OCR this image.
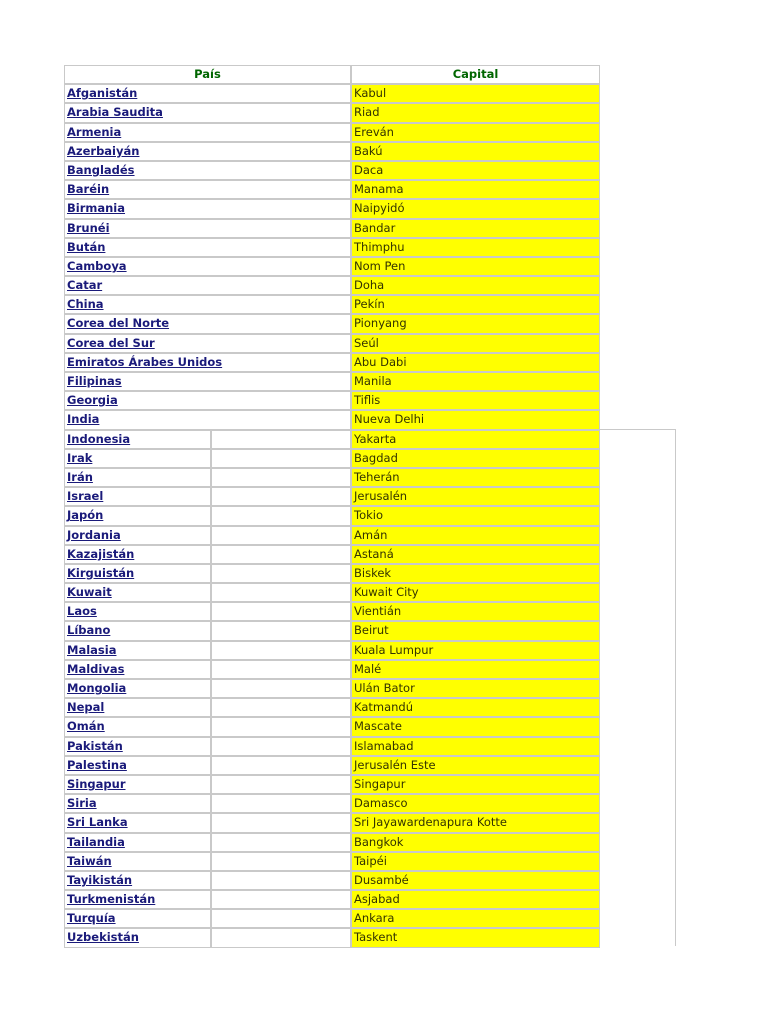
País	Capital
Afganistán	Kabul
Arabia Saudita	Riad
Armenia	Ereván
Azerbaiyán	Bakú
Bangladés	Daca
Baréin	Manama
Birmania	Naipyidó
Brunéi	Bandar
Bután	Thimphu
Camboya	Nom Pen
Catar	Doha
China	Pekín
Corea del Norte	Pionyang
Corea del Sur	Seúl
Emiratos Árabes Unidos	Abu Dabi
Filipinas	Manila
Georgia	Tiflis
India	Nueva Delhi
Indonesia	Yakarta
Irak	Bagdad
Irán	Teherán
Israel	Jerusalén
Japón	Tokio
Jordania	Amán
Kazajistán	Astaná
Kirguistán	Biskek
Kuwait	Kuwait City
Laos	Vientián
Líbano	Beirut
Malasia	Kuala Lumpur
Maldivas	Malé
Mongolia	Ulán Bator
Nepal	Katmandú
Omán	Mascate
Pakistán	Islamabad
Palestina	Jerusalén Este
Singapur	Singapur
Siria	Damasco
Sri Lanka	Sri Jayawardenapura Kotte
Tailandia	Bangkok
Taiwán	Taipéi
Tayikistán	Dusambé
Turkmenistán	Asjabad
Turquía	Ankara
Uzbekistán	Taskent
